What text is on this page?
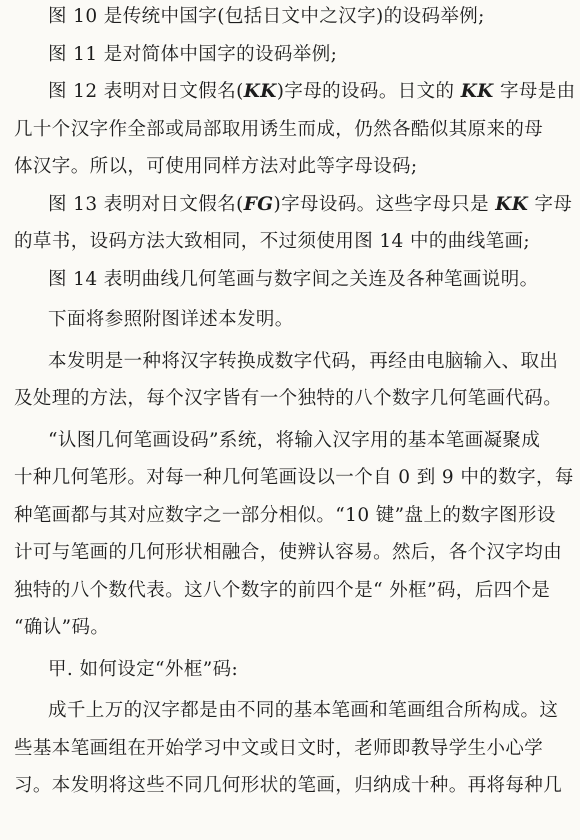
图 10 是传统中国字(包括日文中之汉字)的设码举例;

图 11 是对简体中国字的设码举例;

图 12 表明对日文假名(KK)字母的设码。日文的 KK 字母是由

几十个汉字作全部或局部取用诱生而成，仍然各酷似其原来的母

体汉字。所以，可使用同样方法对此等字母设码;

图 13 表明对日文假名(FG)字母设码。这些字母只是 KK 字母

的草书，设码方法大致相同，不过须使用图 14 中的曲线笔画;

图 14 表明曲线几何笔画与数字间之关连及各种笔画说明。

下面将参照附图详述本发明。

本发明是一种将汉字转换成数字代码，再经由电脑输入、取出

及处理的方法，每个汉字皆有一个独特的八个数字几何笔画代码。

“认图几何笔画设码”系统，将输入汉字用的基本笔画凝聚成

十种几何笔形。对每一种几何笔画设以一个自 0 到 9 中的数字，每

种笔画都与其对应数字之一部分相似。“10 键”盘上的数字图形设

计可与笔画的几何形状相融合，使辨认容易。然后，各个汉字均由

独特的八个数代表。这八个数字的前四个是“ 外框”码，后四个是

“确认”码。

甲. 如何设定“外框”码:

成千上万的汉字都是由不同的基本笔画和笔画组合所构成。这

些基本笔画组在开始学习中文或日文时，老师即教导学生小心学

习。本发明将这些不同几何形状的笔画，归纳成十种。再将每种几
